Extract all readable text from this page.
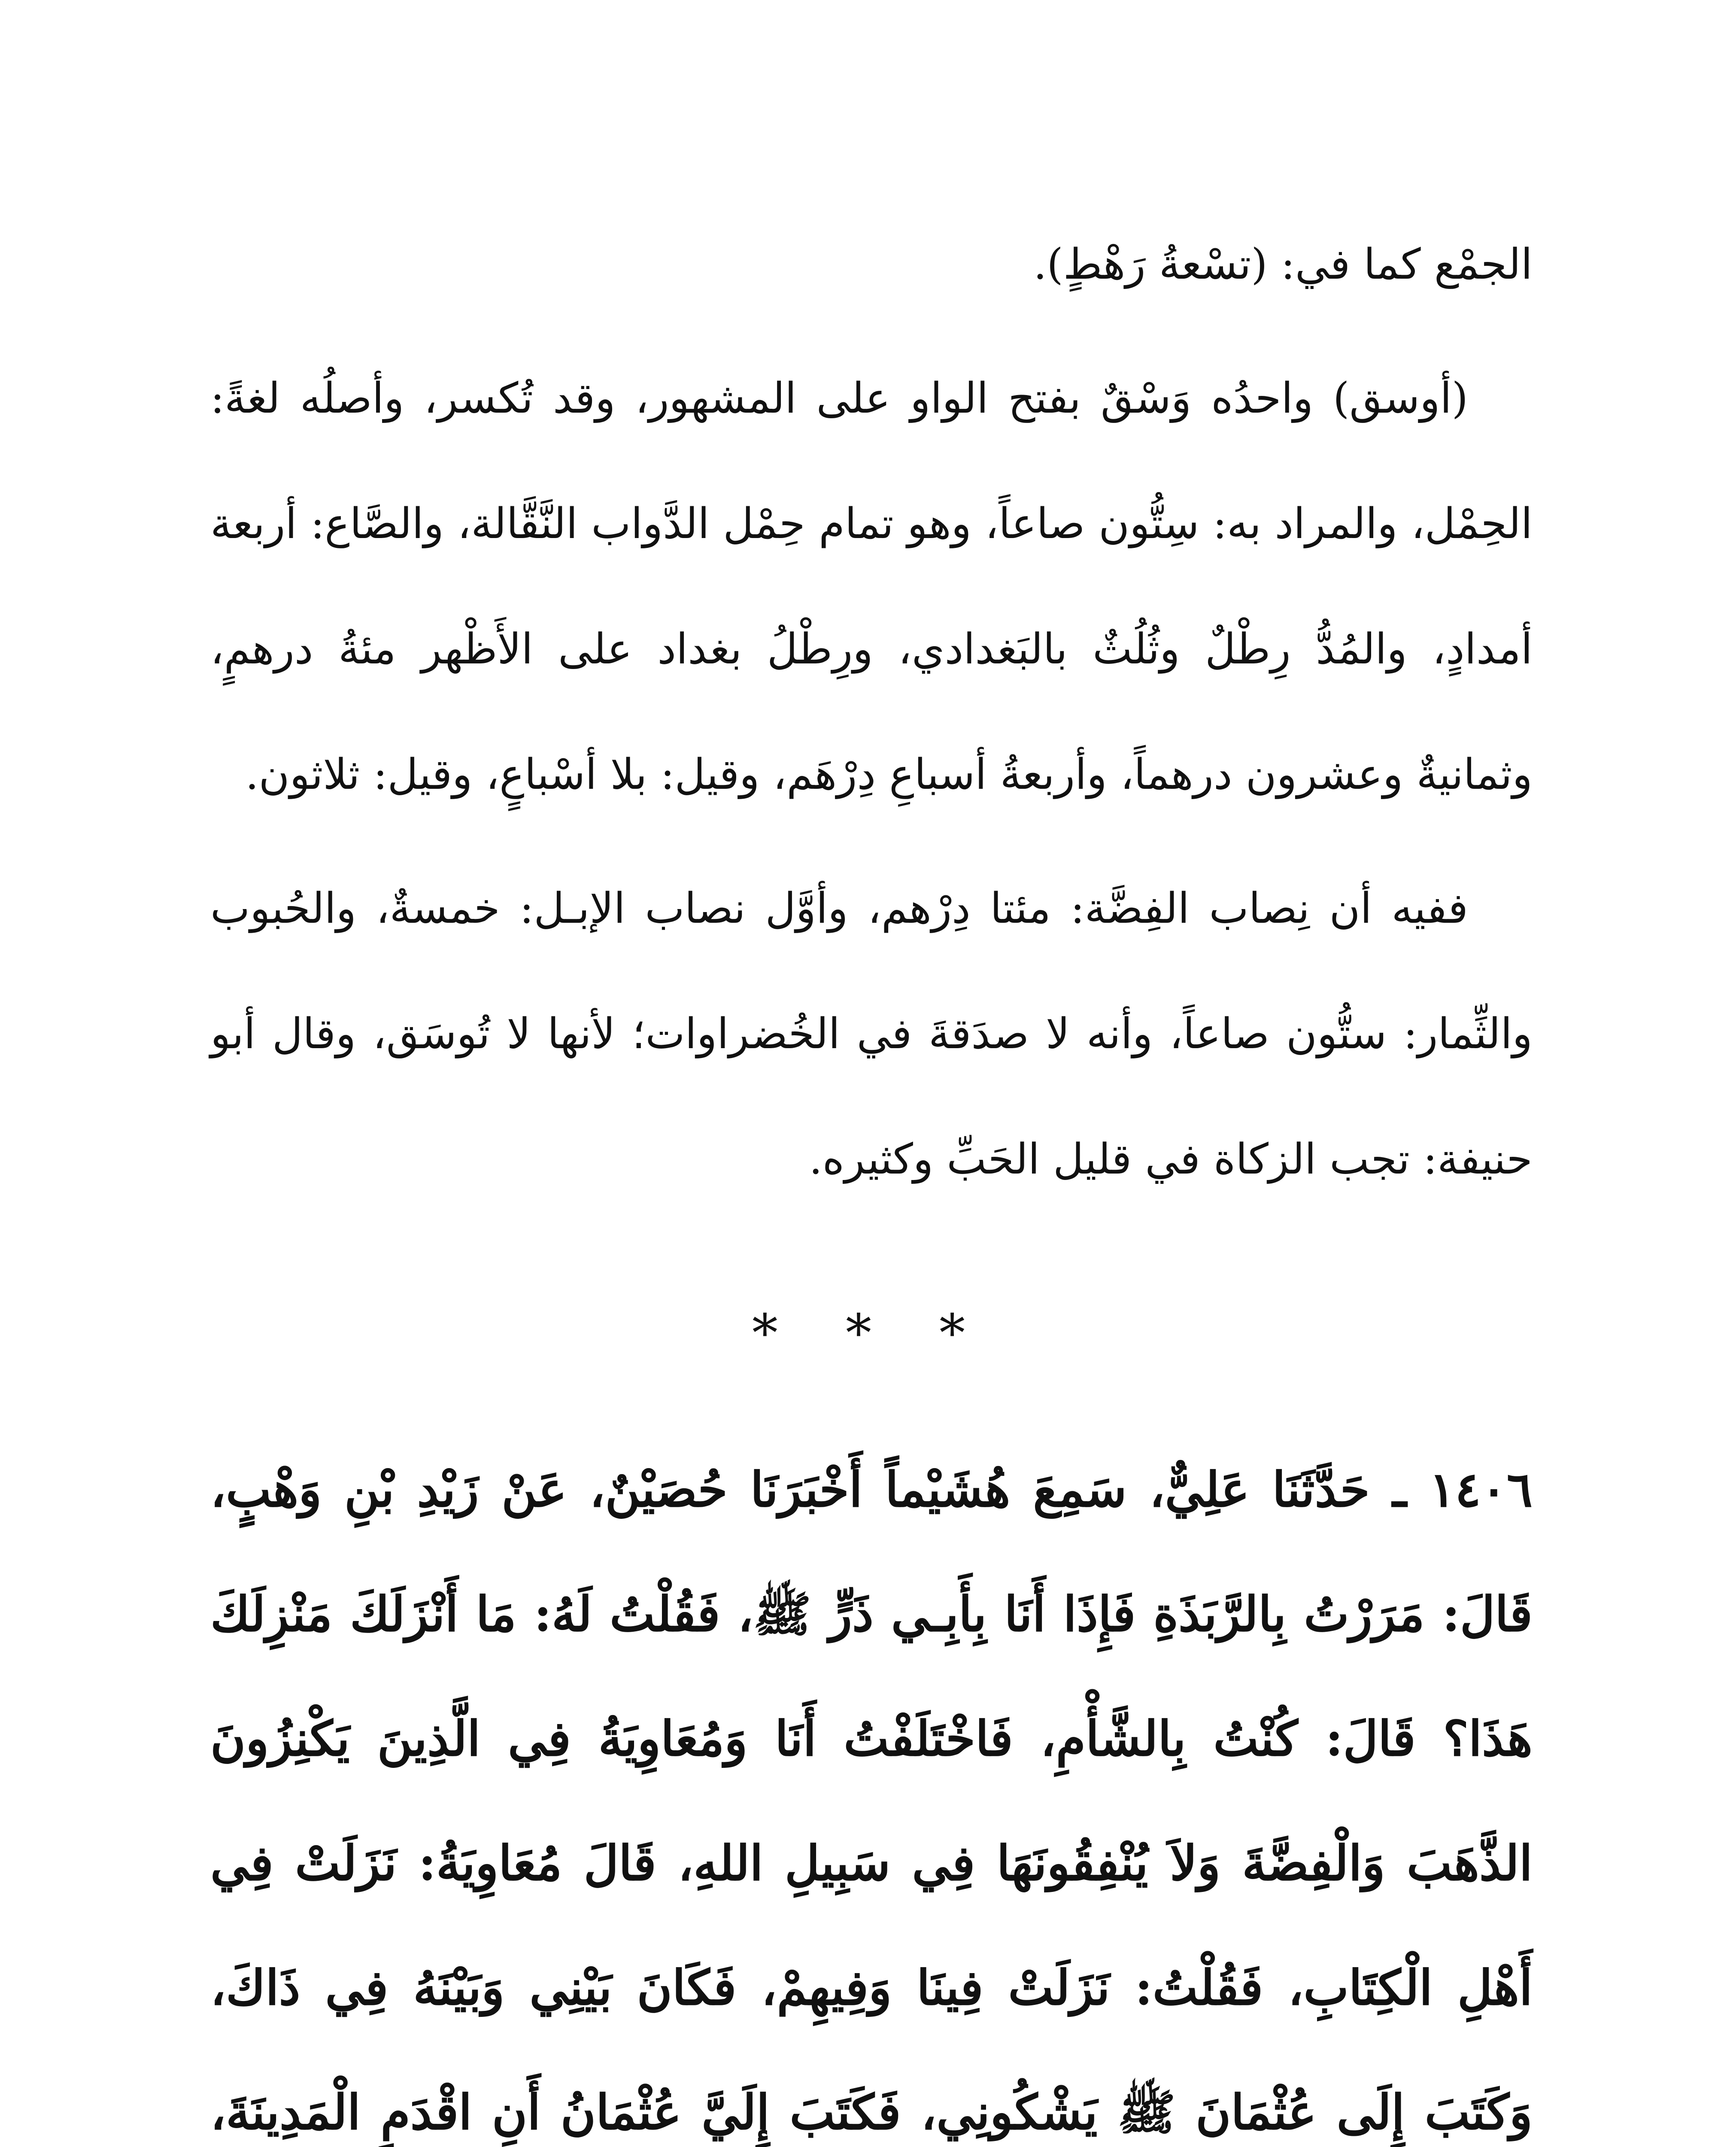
الجمْع كما في: (تسْعةُ رَهْطٍ).

(أوسق) واحدُه وَسْقٌ بفتح الواو على المشهور، وقد تُكسر، وأصلُه لغةً: الحِمْل، والمراد به: سِتُّون صاعاً، وهو تمام حِمْل الدَّواب النَّقَّالة، والصَّاع: أربعة أمدادٍ، والمُدُّ رِطْلٌ وثُلُثٌ بالبَغدادي، ورِطْلُ بغداد على الأَظْهر مئةُ درهمٍ، وثمانيةٌ وعشرون درهماً، وأربعةُ أسباعِ دِرْهَم، وقيل: بلا أسْباعٍ، وقيل: ثلاثون.

ففيه أن نِصاب الفِضَّة: مئتا دِرْهم، وأوَّل نصاب الإبـل: خمسةٌ، والحُبوب والثِّمار: ستُّون صاعاً، وأنه لا صدَقةَ في الخُضراوات؛ لأنها لا تُوسَق، وقال أبو حنيفة: تجب الزكاة في قليل الحَبِّ وكثيره.

* * *

١٤٠٦ ـ حَدَّثَنَا عَلِيٌّ، سَمِعَ هُشَيْماً أَخْبَرَنَا حُصَيْنٌ، عَنْ زَيْدِ بْنِ وَهْبٍ، قَالَ: مَرَرْتُ بِالرَّبَذَةِ فَإِذَا أَنَا بِأَبِـي ذَرٍّ ﷺ، فَقُلْتُ لَهُ: مَا أَنْزَلَكَ مَنْزِلَكَ هَذَا؟ قَالَ: كُنْتُ بِالشَّأْمِ، فَاخْتَلَفْتُ أَنَا وَمُعَاوِيَةُ فِي الَّذِينَ يَكْنِزُونَ الذَّهَبَ وَالْفِضَّةَ وَلاَ يُنْفِقُونَهَا فِي سَبِيلِ اللهِ، قَالَ مُعَاوِيَةُ: نَزَلَتْ فِي أَهْلِ الْكِتَابِ، فَقُلْتُ: نَزَلَتْ فِينَا وَفِيهِمْ، فَكَانَ بَيْنِي وَبَيْنَهُ فِي ذَاكَ، وَكَتَبَ إِلَى عُثْمَانَ ﷺ يَشْكُونِي، فَكَتَبَ إِلَيَّ عُثْمَانُ أَنِ اقْدَمِ الْمَدِينَةَ،
